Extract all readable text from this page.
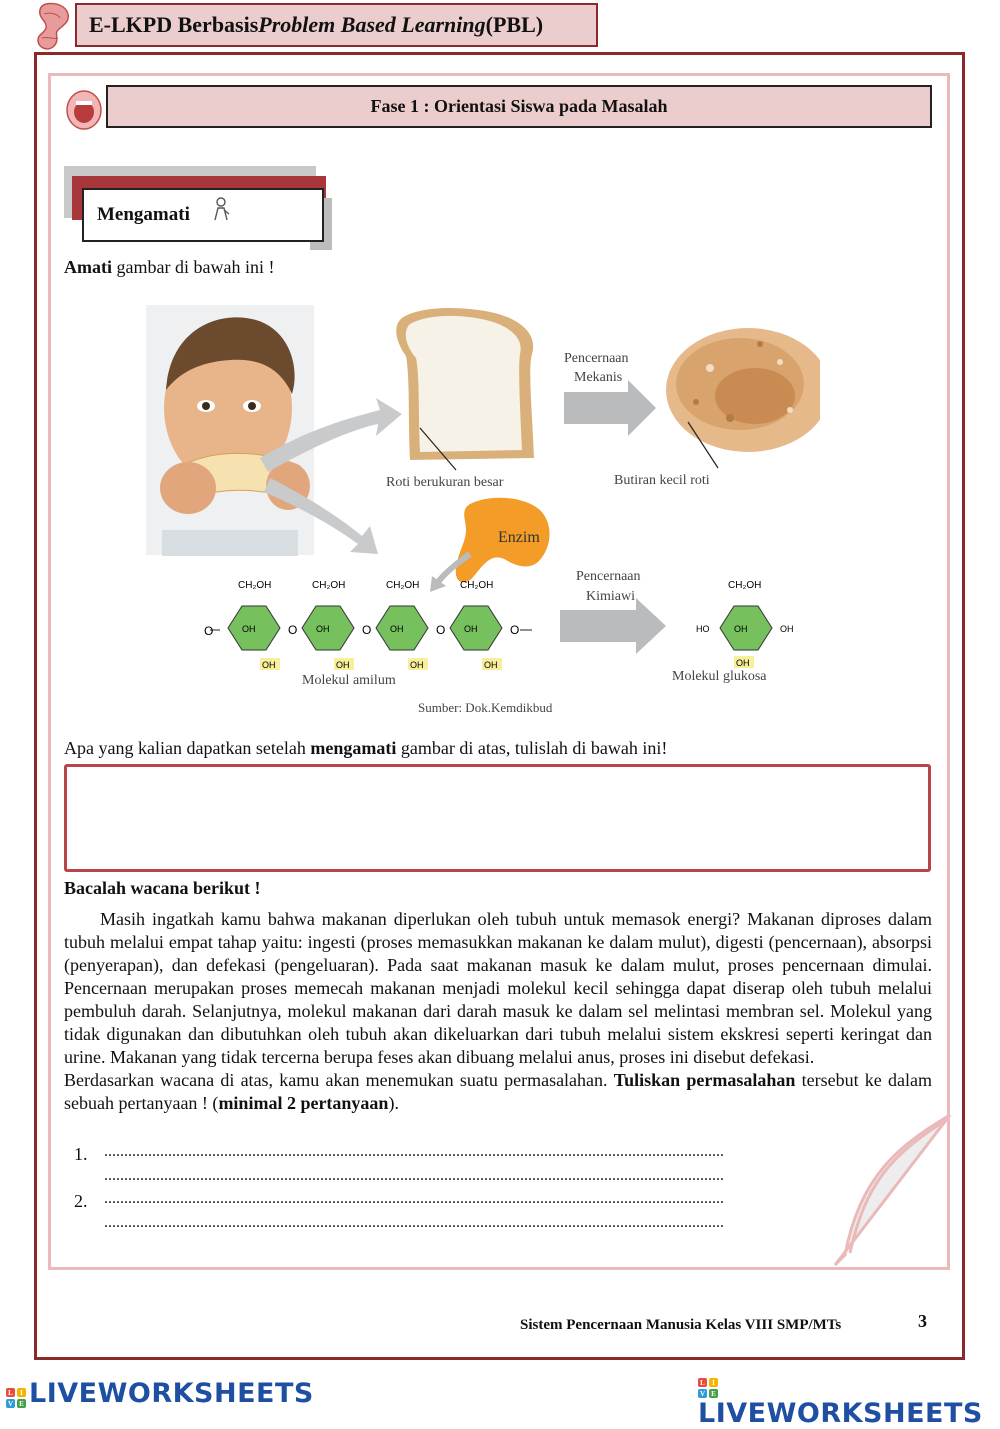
E-LKPD Berbasis Problem Based Learning (PBL)
Fase 1 : Orientasi Siswa pada Masalah
Mengamati
Amati gambar di bawah ini !
Roti berukuran besar
Pencernaan
Mekanis
Butiran kecil roti
Enzim
Pencernaan
Kimiawi
O
CH₂OH
OH
OH
O
CH₂OH
OH
OH
O
CH₂OH
OH
OH
O
CH₂OH
OH
OH
O
Molekul amilum
CH₂OH
OH
HO	OH
OH
Molekul glukosa
Sumber: Dok.Kemdikbud
Apa yang kalian dapatkan setelah mengamati gambar di atas, tulislah di bawah ini!
Bacalah wacana berikut !
Masih ingatkah kamu bahwa makanan diperlukan oleh tubuh untuk memasok energi? Makanan diproses dalam tubuh melalui empat tahap yaitu: ingesti (proses memasukkan makanan ke dalam mulut), digesti (pencernaan), absorpsi (penyerapan), dan defekasi (pengeluaran). Pada saat makanan masuk ke dalam mulut, proses pencernaan dimulai. Pencernaan merupakan proses memecah makanan menjadi molekul kecil sehingga dapat diserap oleh tubuh melalui pembuluh darah. Selanjutnya, molekul makanan dari darah masuk ke dalam sel melintasi membran sel. Molekul yang tidak digunakan dan dibutuhkan oleh tubuh akan dikeluarkan dari tubuh melalui sistem ekskresi seperti keringat dan urine. Makanan yang tidak tercerna berupa feses akan dibuang melalui anus, proses ini disebut defekasi.
Berdasarkan wacana di atas, kamu akan menemukan suatu permasalahan. Tuliskan permasalahan tersebut ke dalam sebuah pertanyaan ! (minimal 2 pertanyaan).
1. ...........................................................................................................................................................
...........................................................................................................................................................
2. ...........................................................................................................................................................
...........................................................................................................................................................
Sistem Pencernaan Manusia Kelas VIII SMP/MTs	3
L	I
V E LIVEWORKSHEETS	L	I
V E
LIVEWORKSHEETS
